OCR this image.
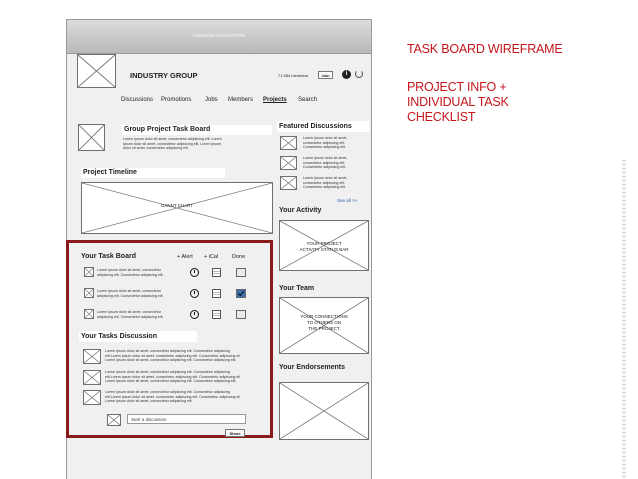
TASK BOARD WIREFRAME
PROJECT INFO +
INDIVIDUAL TASK
CHECKLIST
LINKEDIN NAVIGATION
INDUSTRY GROUP	71,984 members	Join	i
Discussions Promotions Jobs Members Projects Search
Group Project Task Board
Lorem ipsum dolor sit amet, consectetur adipiscing elit. Lorem
ipsum dolor sit amet, consectetur adipiscing elit. Lorem ipsum
dolor sit amet, consectetur adipiscing elit.
Project Timeline
GANNT CHART
Featured Discussions
Lorem ipsum dolor sit amet,
consectetur adipiscing elit.
Consectetur adipiscing elit.
Lorem ipsum dolor sit amet,
consectetur adipiscing elit.
Consectetur adipiscing elit.
Lorem ipsum dolor sit amet,
consectetur adipiscing elit.
Consectetur adipiscing elit.
See all >>
Your Activity
YOUR PROJECT
ACTIVITY STATUS BAR
Your Team
YOUR CONNECTIONS
TO OTHERS ON
THE PROJECT
Your Endorsements
Your Task Board	+ Alert + iCal	Done
Lorem ipsum dolor sit amet, consectetur
adipiscing elit. Consectetur adipiscing elit.
Lorem ipsum dolor sit amet, consectetur
adipiscing elit. Consectetur adipiscing elit.
Lorem ipsum dolor sit amet, consectetur
adipiscing elit. Consectetur adipiscing elit.
Your Tasks Discussion
Lorem ipsum dolor sit amet, consectetur adipiscing elit. Consectetur adipiscing
elit.Lorem ipsum dolor sit amet, consectetur adipiscing elit. Consectetur adipiscing eli.
Lorem ipsum dolor sit amet, consectetur adipiscing elit. Consectetur adipiscing elit.
Lorem ipsum dolor sit amet, consectetur adipiscing elit. Consectetur adipiscing
elit.Lorem ipsum dolor sit amet, consectetur adipiscing elit. Consectetur adipiscing eli.
Lorem ipsum dolor sit amet, consectetur adipiscing elit. Consectetur adipiscing elit.
Lorem ipsum dolor sit amet, consectetur adipiscing elit. Consectetur adipiscing
elit.Lorem ipsum dolor sit amet, consectetur adipiscing elit. Consectetur adipiscing eli.
Lorem ipsum dolor sit amet, consectetur adipiscing elit.
Start a discussion
Share
